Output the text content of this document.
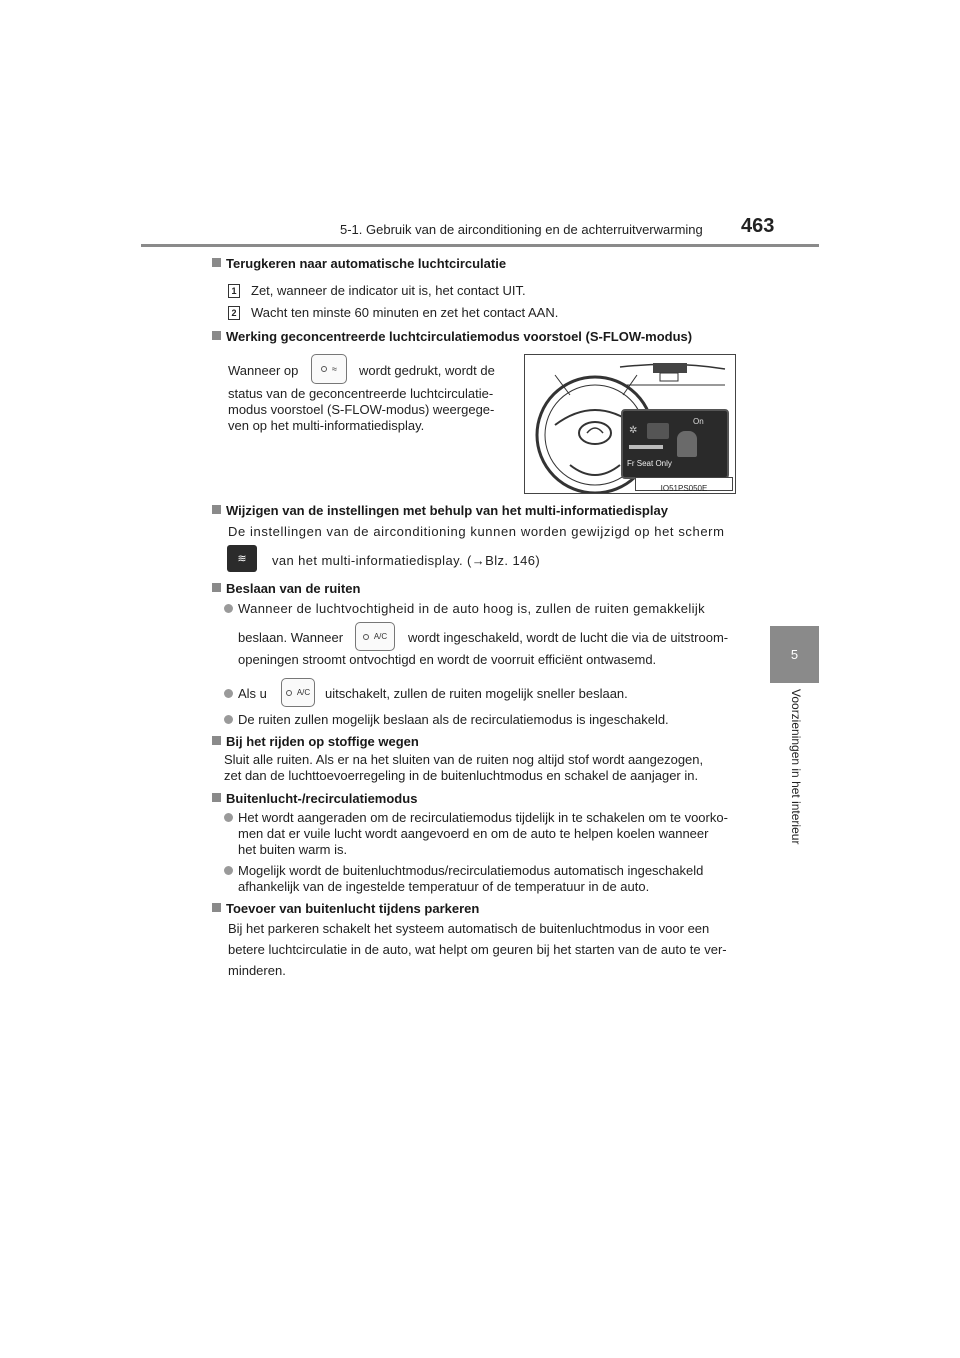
5-1. Gebruik van de airconditioning en de achterruitverwarming 463
5
Voorzieningen in het interieur
Terugkeren naar automatische luchtcirculatie
1 Zet, wanneer de indicator uit is, het contact UIT.
2 Wacht ten minste 60 minuten en zet het contact AAN.
Werking geconcentreerde luchtcirculatiemodus voorstoel (S-FLOW-modus)
Wanneer op	≈ wordt gedrukt, wordt de
status van de geconcentreerde luchtcirculatie-
modus voorstoel (S-FLOW-modus) weergege-
ven op het multi-informatiedisplay.	On
✲
Fr Seat Only
IO51PS050E
Wijzigen van de instellingen met behulp van het multi-informatiedisplay
De instellingen van de airconditioning kunnen worden gewijzigd op het scherm
≋ van het multi-informatiedisplay. (→Blz. 146)
Beslaan van de ruiten
Wanneer de luchtvochtigheid in de auto hoog is, zullen de ruiten gemakkelijk
beslaan. Wanneer	A/C wordt ingeschakeld, wordt de lucht die via de uitstroom-
openingen stroomt ontvochtigd en wordt de voorruit efficiënt ontwasemd.
Als u	A/C uitschakelt, zullen de ruiten mogelijk sneller beslaan.
De ruiten zullen mogelijk beslaan als de recirculatiemodus is ingeschakeld.
Bij het rijden op stoffige wegen
Sluit alle ruiten. Als er na het sluiten van de ruiten nog altijd stof wordt aangezogen,
zet dan de luchttoevoerregeling in de buitenluchtmodus en schakel de aanjager in.
Buitenlucht-/recirculatiemodus
Het wordt aangeraden om de recirculatiemodus tijdelijk in te schakelen om te voorko-
men dat er vuile lucht wordt aangevoerd en om de auto te helpen koelen wanneer
het buiten warm is.
Mogelijk wordt de buitenluchtmodus/recirculatiemodus automatisch ingeschakeld
afhankelijk van de ingestelde temperatuur of de temperatuur in de auto.
Toevoer van buitenlucht tijdens parkeren
Bij het parkeren schakelt het systeem automatisch de buitenluchtmodus in voor een
betere luchtcirculatie in de auto, wat helpt om geuren bij het starten van de auto te ver-
minderen.
